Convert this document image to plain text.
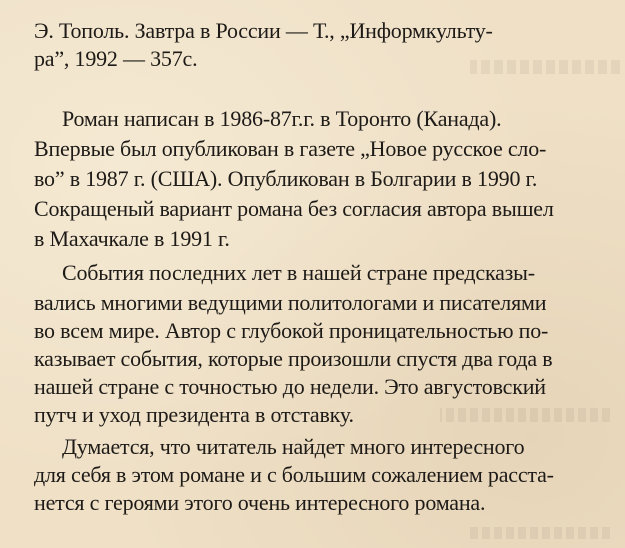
Э. Тополь. Завтра в России — Т., „Информкульту-
ра”, 1992 — 357с.
Роман написан в 1986-87г.г. в Торонто (Канада).
Впервые был опубликован в газете „Новое русское сло-
во” в 1987 г. (США). Опубликован в Болгарии в 1990 г.
Сокращеный вариант романа без согласия автора вышел
в Махачкале в 1991 г.
События последних лет в нашей стране предсказы-
вались многими ведущими политологами и писателями
во всем мире. Автор с глубокой проницательностью по-
казывает события, которые произошли спустя два года в
нашей стране с точностью до недели. Это августовский
путч и уход президента в отставку.
Думается, что читатель найдет много интересного
для себя в этом романе и с большим сожалением расста-
нется с героями этого очень интересного романа.
